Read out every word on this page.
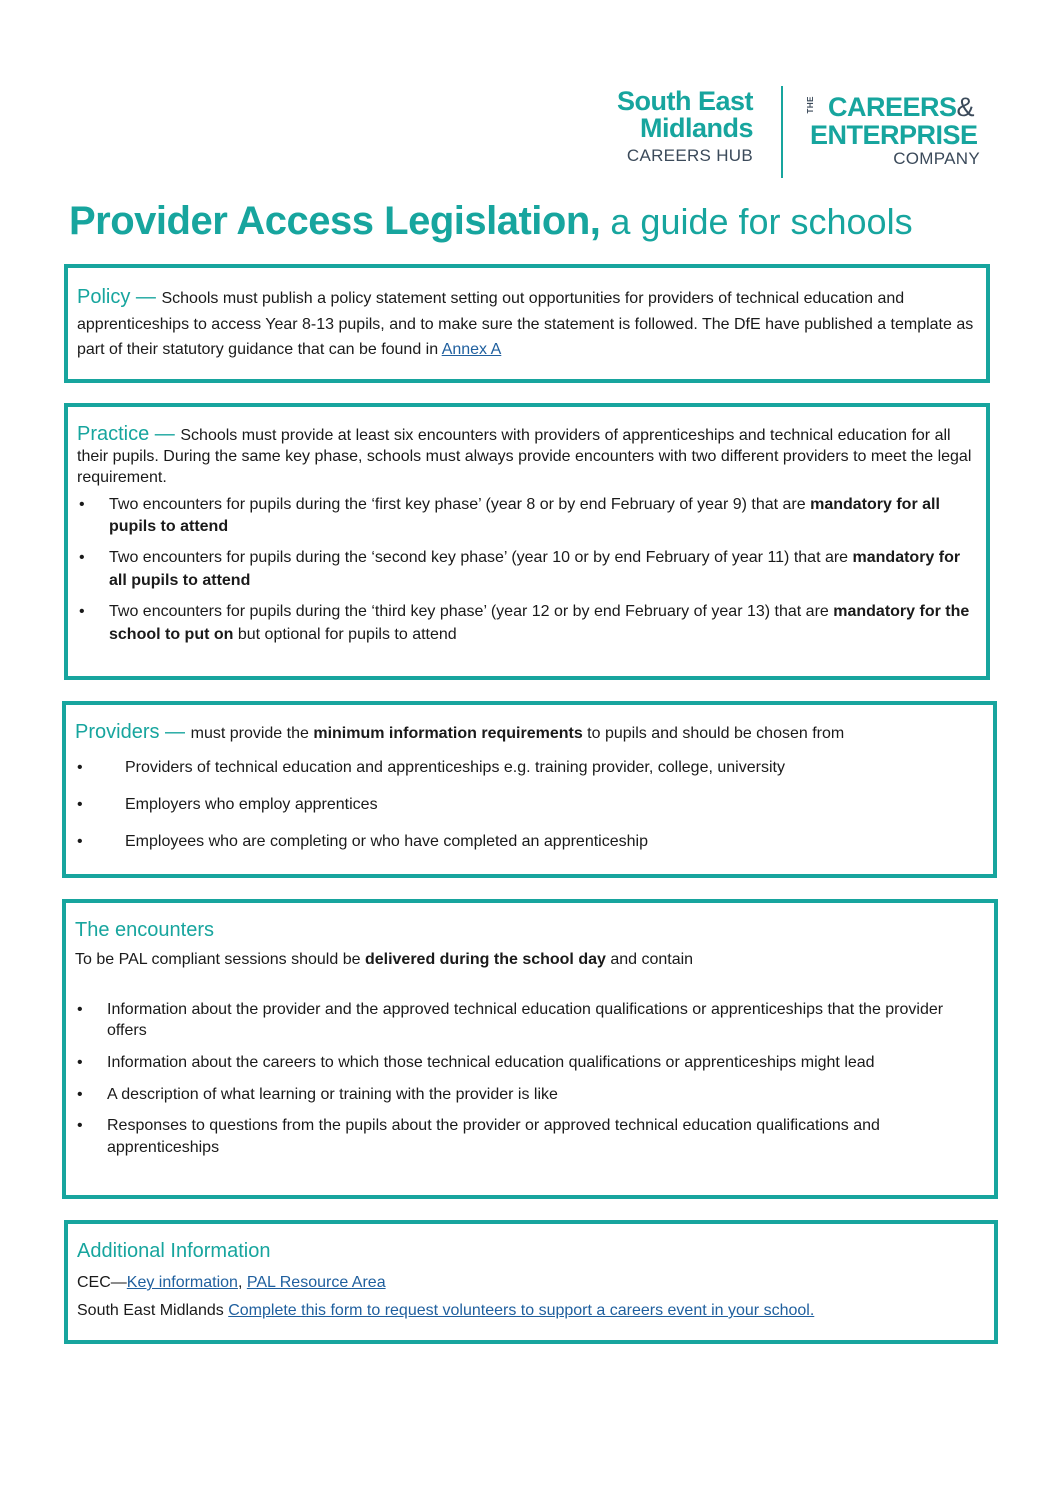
South East
Midlands
CAREERS HUB
THE CAREERS&
ENTERPRISE
COMPANY
Provider Access Legislation, a guide for schools
Policy — Schools must publish a policy statement setting out opportunities for providers of technical education and apprenticeships to access Year 8-13 pupils, and to make sure the statement is followed. The DfE have published a template as part of their statutory guidance that can be found in Annex A
Practice — Schools must provide at least six encounters with providers of apprenticeships and technical education for all their pupils. During the same key phase, schools must always provide encounters with two different providers to meet the legal requirement.
• Two encounters for pupils during the ‘first key phase’ (year 8 or by end February of year 9) that are mandatory for all pupils to attend
• Two encounters for pupils during the ‘second key phase’ (year 10 or by end February of year 11) that are mandatory for all pupils to attend
• Two encounters for pupils during the ‘third key phase’ (year 12 or by end February of year 13) that are mandatory for the school to put on but optional for pupils to attend
Providers — must provide the minimum information requirements to pupils and should be chosen from
• Providers of technical education and apprenticeships e.g. training provider, college, university
• Employers who employ apprentices
• Employees who are completing or who have completed an apprenticeship
The encounters
To be PAL compliant sessions should be delivered during the school day and contain
• Information about the provider and the approved technical education qualifications or apprenticeships that the provider offers
• Information about the careers to which those technical education qualifications or apprenticeships might lead
• A description of what learning or training with the provider is like
• Responses to questions from the pupils about the provider or approved technical education qualifications and apprenticeships
Additional Information
CEC—Key information, PAL Resource Area
South East Midlands Complete this form to request volunteers to support a careers event in your school.
